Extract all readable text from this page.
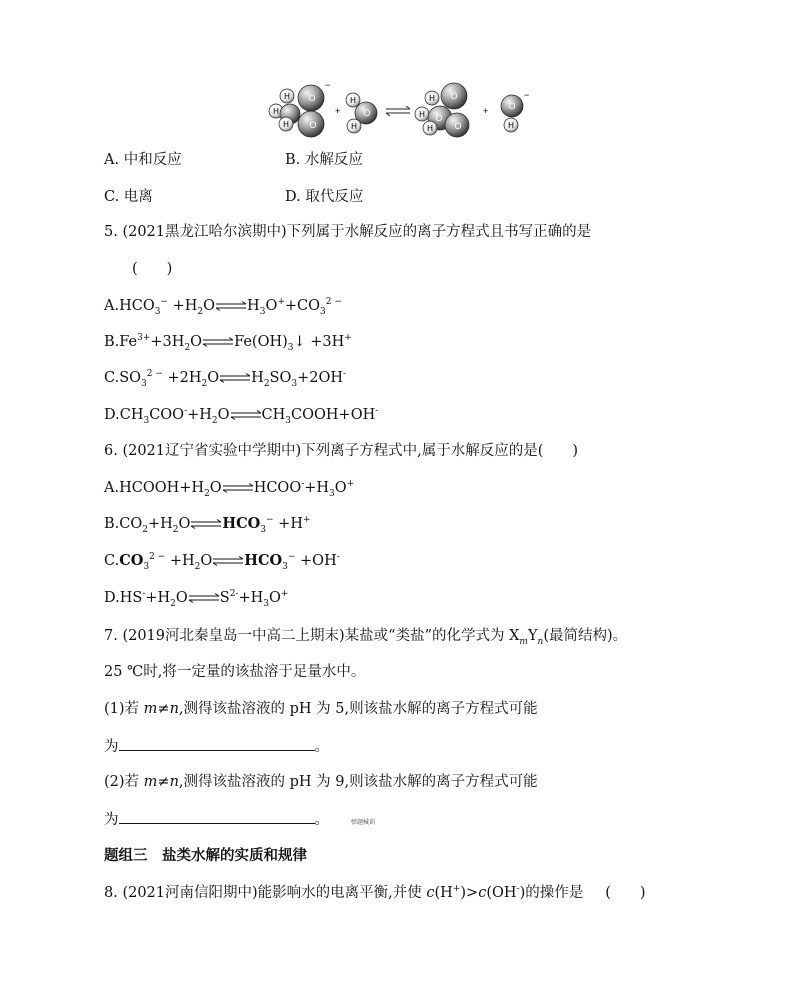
H
H O
O
H
−
+
H
O
H
H
H O
O
O
H
+ O
H
−
A. 中和反应	B. 水解反应
C. 电离	D. 取代反应
5. (2021黑龙江哈尔滨期中)下列属于水解反应的离子方程式且书写正确的是
(　　)
$A.HCO_3^-$ $+H_2O\rightleftharpoons H_3O^++CO_3^{2 -}$
$B.Fe^{3+}+3H_2O\rightleftharpoons Fe(OH)_3↓ +3H^+$
$C.SO_3^{2 -}$ $+2H_2O\rightleftharpoons H_2SO_3+2OH^-$
$D.CH_3COO^-+H_2O\rightleftharpoons CH_3COOH+OH^-$
6. (2021辽宁省实验中学期中)下列离子方程式中,属于水解反应的是(　　)
$A.HCOOH+H_2O\rightleftharpoons HCOO^-+H_3O^+$
$B.CO_2+H_2O\rightleftharpoons HCO_3^- +H^+$
$C.CO_3^{2 -}$ $+H_2O\rightleftharpoons HCO_3^- +OH^-$
$D.HS^-+H_2O\rightleftharpoons S^{2-}+H_3O^+$
7. (2019河北秦皇岛一中高二上期末)某盐或“类盐”的化学式为 $X_mY_n$(最简结构)。
25 ℃时,将一定量的该盐溶于足量水中。
(1)若 m≠n,测得该盐溶液的 pH 为 5,则该盐水解的离子方程式可能
为	。
(2)若 m≠n,测得该盐溶液的 pH 为 9,则该盐水解的离子方程式可能
为	。	弹题械训
题组三　盐类水解的实质和规律
8. (2021河南信阳期中)能影响水的电离平衡,并使 c(H+)>c(OH-)的操作是 (　　)
